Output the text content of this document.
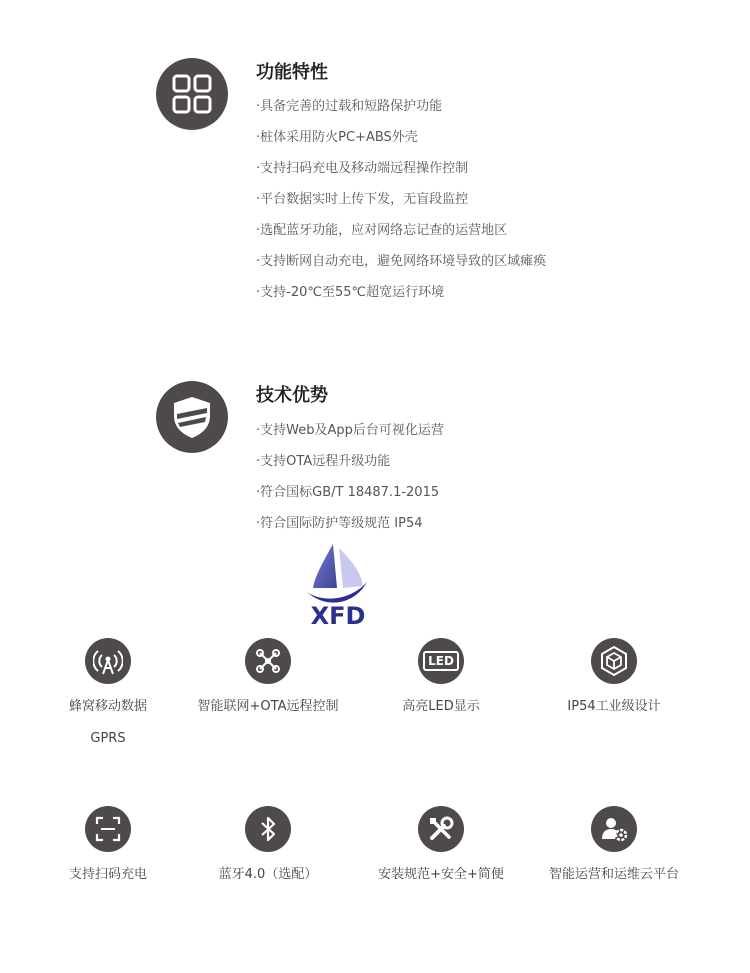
功能特性
·具备完善的过载和短路保护功能
·桩体采用防火PC+ABS外壳
·支持扫码充电及移动端远程操作控制
·平台数据实时上传下发，无盲段监控
·选配蓝牙功能，应对网络忘记查的运营地区
·支持断网自动充电，避免网络环境导致的区域瘫痪
·支持-20℃至55℃超宽运行环境
技术优势
·支持Web及App后台可视化运营
·支持OTA远程升级功能
·符合国标GB/T 18487.1-2015
·符合国际防护等级规范 IP54
XFD
蜂窝移动数据
GPRS
智能联网+OTA远程控制
LED
高亮LED显示	IP54工业级设计
支持扫码充电	蓝牙4.0（选配）	安装规范+安全+简便	智能运营和运维云平台
